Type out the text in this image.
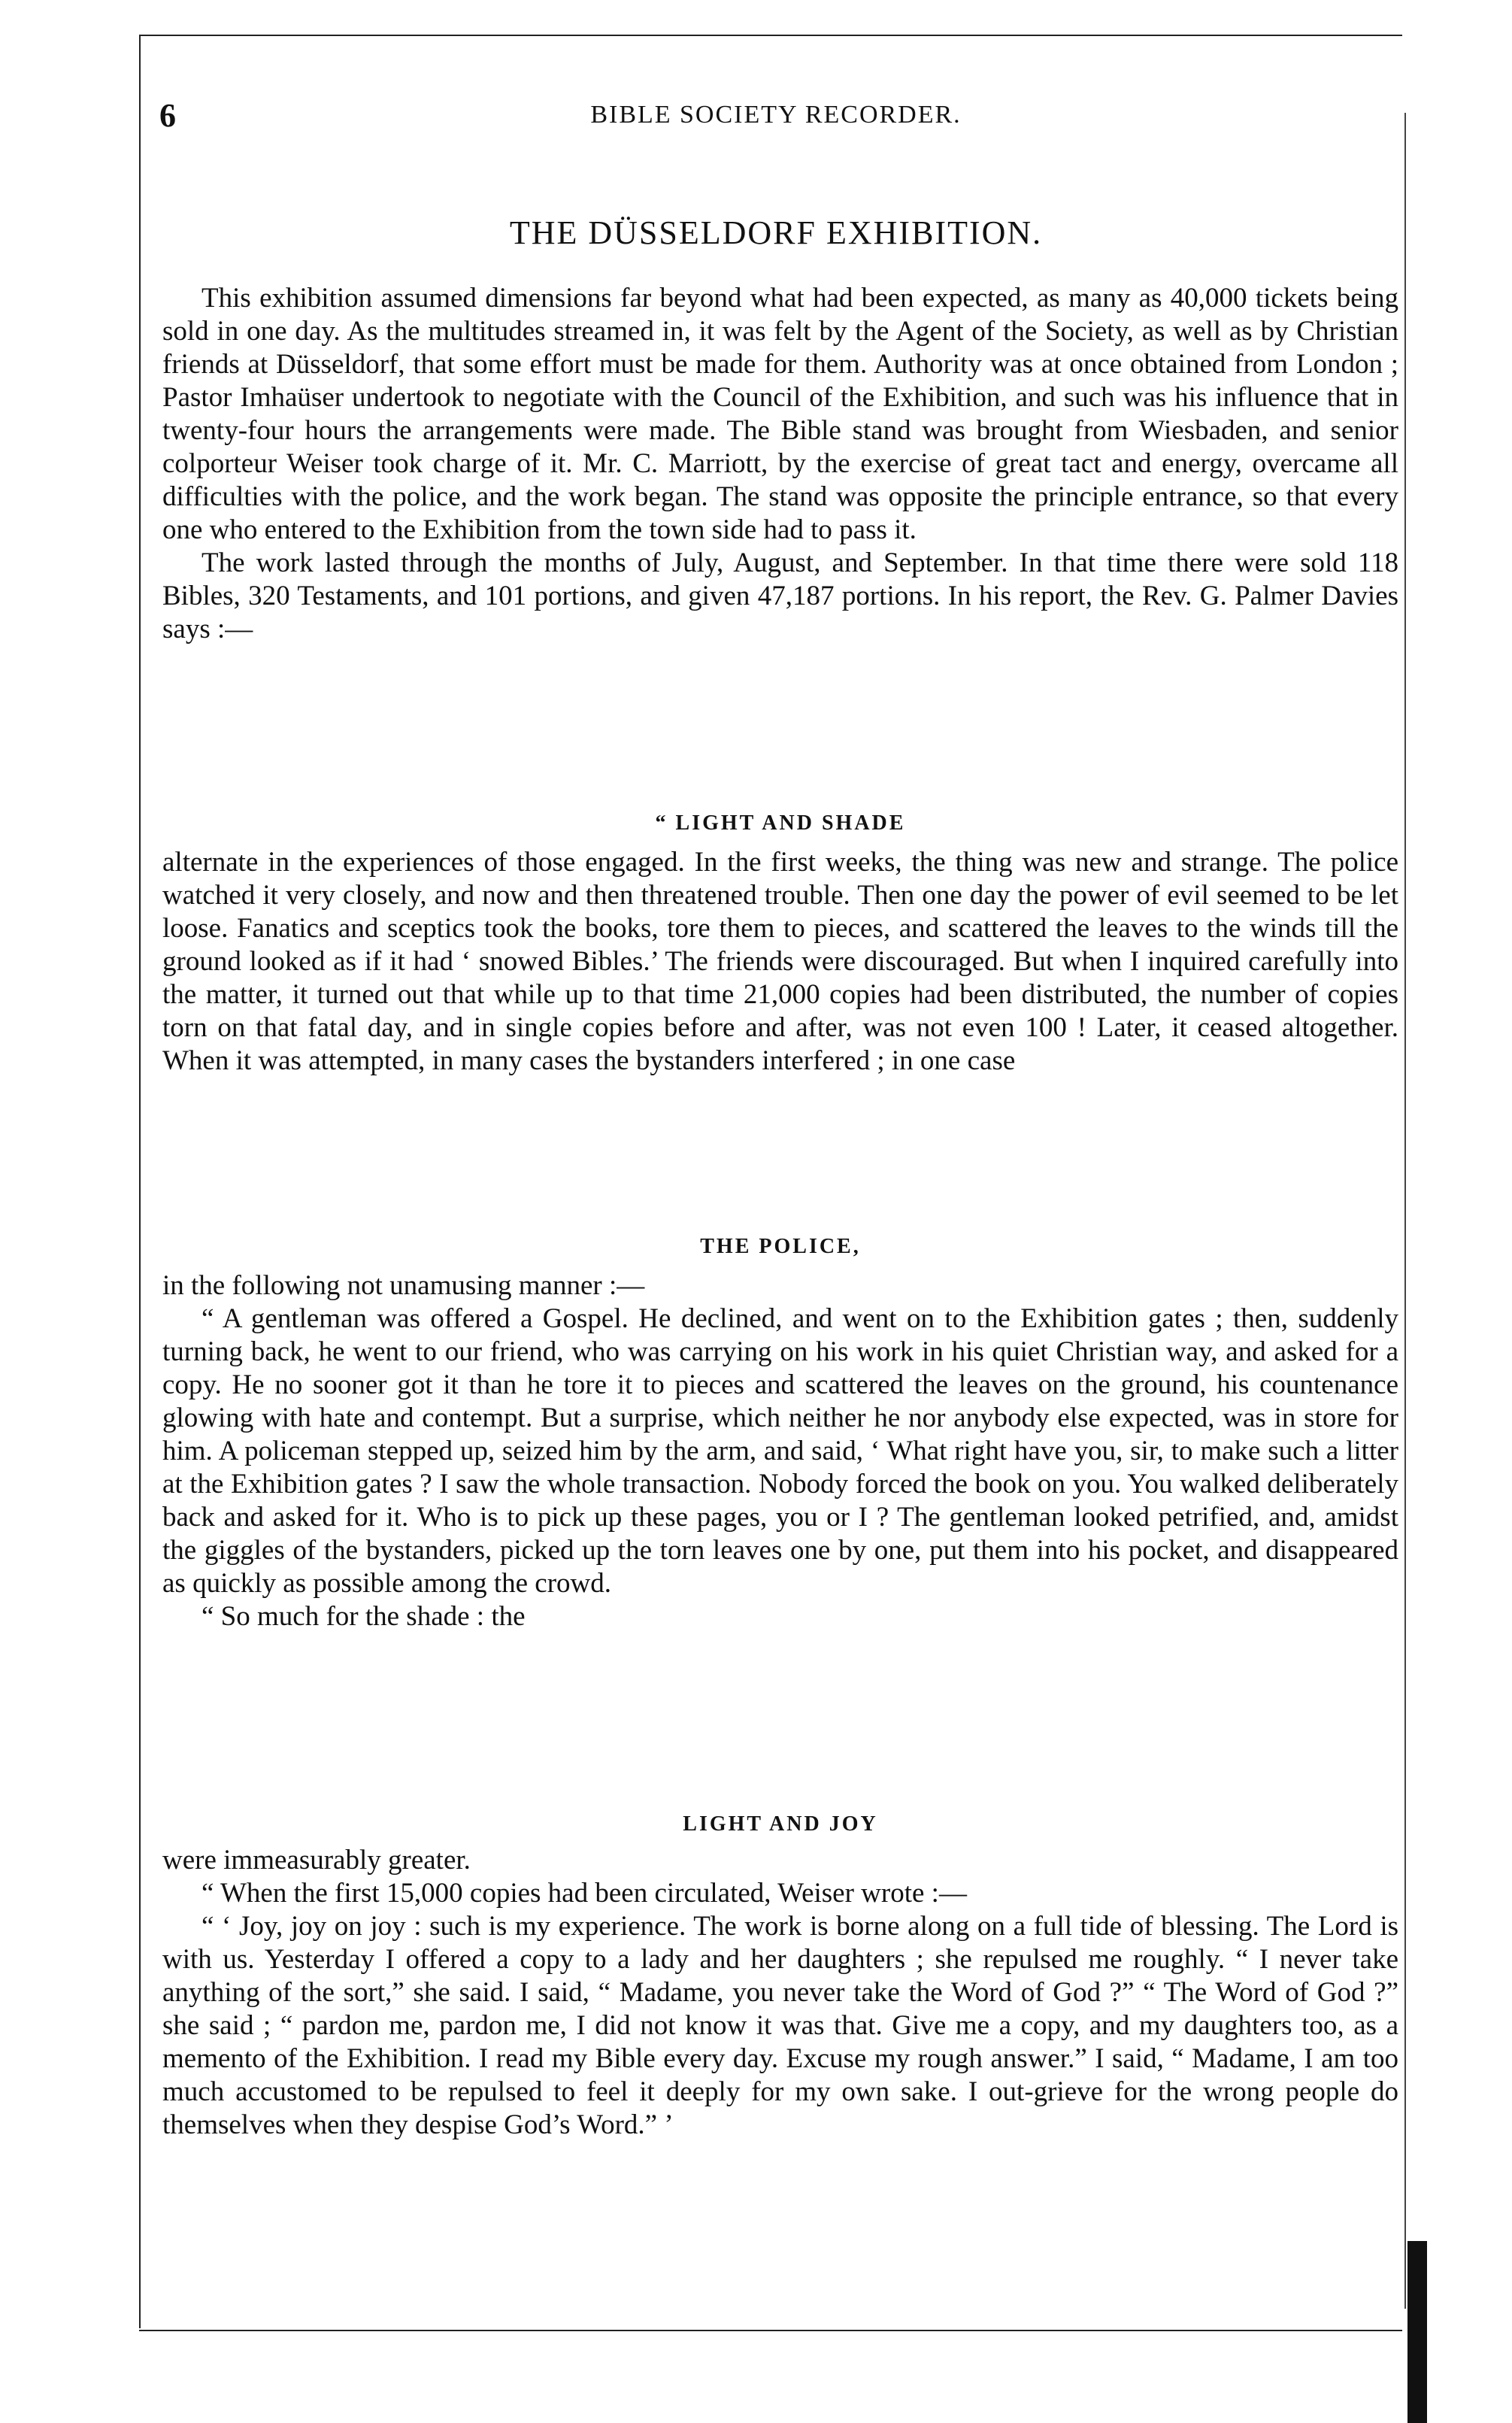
6	BIBLE SOCIETY RECORDER.
THE DÜSSELDORF EXHIBITION.

This exhibition assumed dimensions far beyond what had been expected, as many as 40,000 tickets being sold in one day. As the multitudes streamed in, it was felt by the Agent of the Society, as well as by Christian friends at Düsseldorf, that some effort must be made for them. Authority was at once obtained from London ; Pastor Imhaüser undertook to negotiate with the Council of the Exhibition, and such was his influence that in twenty-four hours the arrangements were made. The Bible stand was brought from Wiesbaden, and senior colporteur Weiser took charge of it. Mr. C. Marriott, by the exercise of great tact and energy, overcame all difficulties with the police, and the work began. The stand was opposite the principle entrance, so that every one who entered to the Exhibition from the town side had to pass it.

The work lasted through the months of July, August, and September. In that time there were sold 118 Bibles, 320 Testaments, and 101 portions, and given 47,187 portions. In his report, the Rev. G. Palmer Davies says :—

“ LIGHT AND SHADE

alternate in the experiences of those engaged. In the first weeks, the thing was new and strange. The police watched it very closely, and now and then threatened trouble. Then one day the power of evil seemed to be let loose. Fanatics and sceptics took the books, tore them to pieces, and scattered the leaves to the winds till the ground looked as if it had ‘ snowed Bibles.’ The friends were discouraged. But when I inquired carefully into the matter, it turned out that while up to that time 21,000 copies had been distributed, the number of copies torn on that fatal day, and in single copies before and after, was not even 100 ! Later, it ceased altogether. When it was attempted, in many cases the bystanders interfered ; in one case

THE POLICE,

in the following not unamusing manner :—

“ A gentleman was offered a Gospel. He declined, and went on to the Exhibition gates ; then, suddenly turning back, he went to our friend, who was carrying on his work in his quiet Christian way, and asked for a copy. He no sooner got it than he tore it to pieces and scattered the leaves on the ground, his countenance glowing with hate and contempt. But a surprise, which neither he nor anybody else expected, was in store for him. A policeman stepped up, seized him by the arm, and said, ‘ What right have you, sir, to make such a litter at the Exhibition gates ? I saw the whole transaction. Nobody forced the book on you. You walked deliberately back and asked for it. Who is to pick up these pages, you or I ? The gentleman looked petrified, and, amidst the giggles of the bystanders, picked up the torn leaves one by one, put them into his pocket, and disappeared as quickly as possible among the crowd.

“ So much for the shade : the

LIGHT AND JOY

were immeasurably greater.

“ When the first 15,000 copies had been circulated, Weiser wrote :—

“ ‘ Joy, joy on joy : such is my experience. The work is borne along on a full tide of blessing. The Lord is with us. Yesterday I offered a copy to a lady and her daughters ; she repulsed me roughly. “ I never take anything of the sort,” she said. I said, “ Madame, you never take the Word of God ?” “ The Word of God ?” she said ; “ pardon me, pardon me, I did not know it was that. Give me a copy, and my daughters too, as a memento of the Exhibition. I read my Bible every day. Excuse my rough answer.” I said, “ Madame, I am too much accustomed to be repulsed to feel it deeply for my own sake. I out-grieve for the wrong people do themselves when they despise God’s Word.” ’
